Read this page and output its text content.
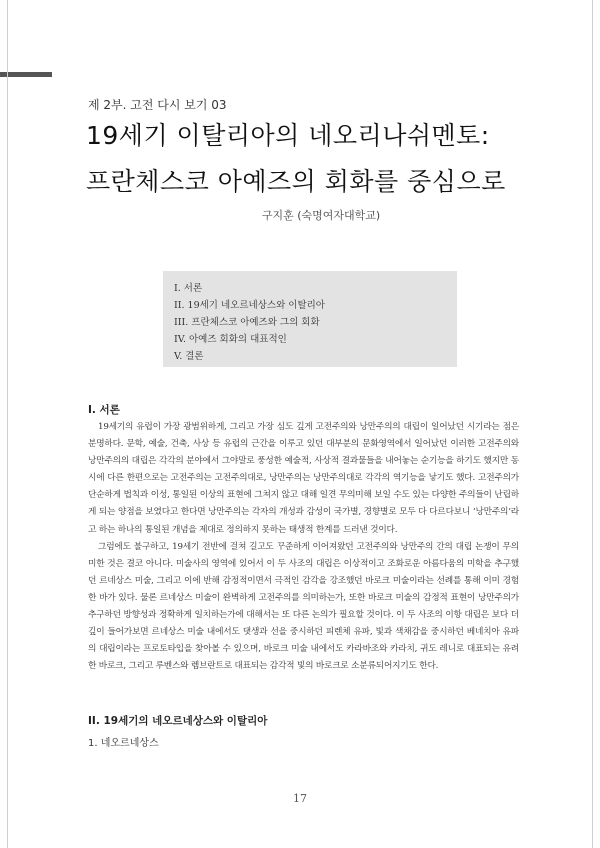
제 2부. 고전 다시 보기 03
19세기 이탈리아의 네오리나쉬멘토:
프란체스코 아예즈의 회화를 중심으로
구지훈 (숙명여자대학교)
I. 서론
II. 19세기 네오르네상스와 이탈리아
III. 프란체스코 아예즈와 그의 회화
IV. 아예즈 회화의 대표적인
V. 결론

I. 서론

19세기의 유럽이 가장 광범위하게, 그리고 가장 심도 깊게 고전주의와 낭만주의의 대립이 일어났던 시기라는 점은 분명하다. 문학, 예술, 건축, 사상 등 유럽의 근간을 이루고 있던 대부분의 문화영역에서 일어났던 이러한 고전주의와 낭만주의의 대립은 각각의 분야에서 그야말로 풍성한 예술적, 사상적 결과물들을 내어놓는 순기능을 하기도 했지만 동시에 다른 한편으로는 고전주의는 고전주의대로, 낭만주의는 낭만주의대로 각각의 역기능을 낳기도 했다. 고전주의가 단순하게 법칙과 이성, 통일된 이상의 표현에 그쳐지 않고 대해 일견 무의미해 보일 수도 있는 다양한 주의들이 난립하게 되는 양점을 보였다고 한다면 낭만주의는 각자의 개성과 감성이 국가별, 경향별로 모두 다 다르다보니 ‘낭만주의’라고 하는 하나의 통일된 개념을 제대로 정의하지 못하는 태생적 한계를 드러낸 것이다.

그럼에도 불구하고, 19세기 전반에 걸쳐 길고도 꾸준하게 이어져왔던 고전주의와 낭만주의 간의 대립 논쟁이 무의미한 것은 결코 아니다. 미술사의 영역에 있어서 이 두 사조의 대립은 이상적이고 조화로운 아름다움의 미학을 추구했던 르네상스 미술, 그리고 이에 반해 감정적이면서 극적인 감각을 강조했던 바로크 미술이라는 선례를 통해 이미 경험한 바가 있다. 물론 르네상스 미술이 완벽하게 고전주의를 의미하는가, 또한 바로크 미술의 감정적 표현이 낭만주의가 추구하던 방향성과 정확하게 일치하는가에 대해서는 또 다른 논의가 필요할 것이다. 이 두 사조의 이항 대립은 보다 더 깊이 들어가보면 르네상스 미술 내에서도 댓생과 선을 중시하던 피렌체 유파, 빛과 색채감을 중시하던 베네치아 유파의 대립이라는 프로토타입을 찾아볼 수 있으며, 바로크 미술 내에서도 카라바조와 카라치, 귀도 레니로 대표되는 유려한 바로크, 그리고 루벤스와 렘브란트로 대표되는 감각적 빛의 바로크로 소분류되어지기도 한다.

II. 19세기의 네오르네상스와 이탈리아

1. 네오르네상스
17
